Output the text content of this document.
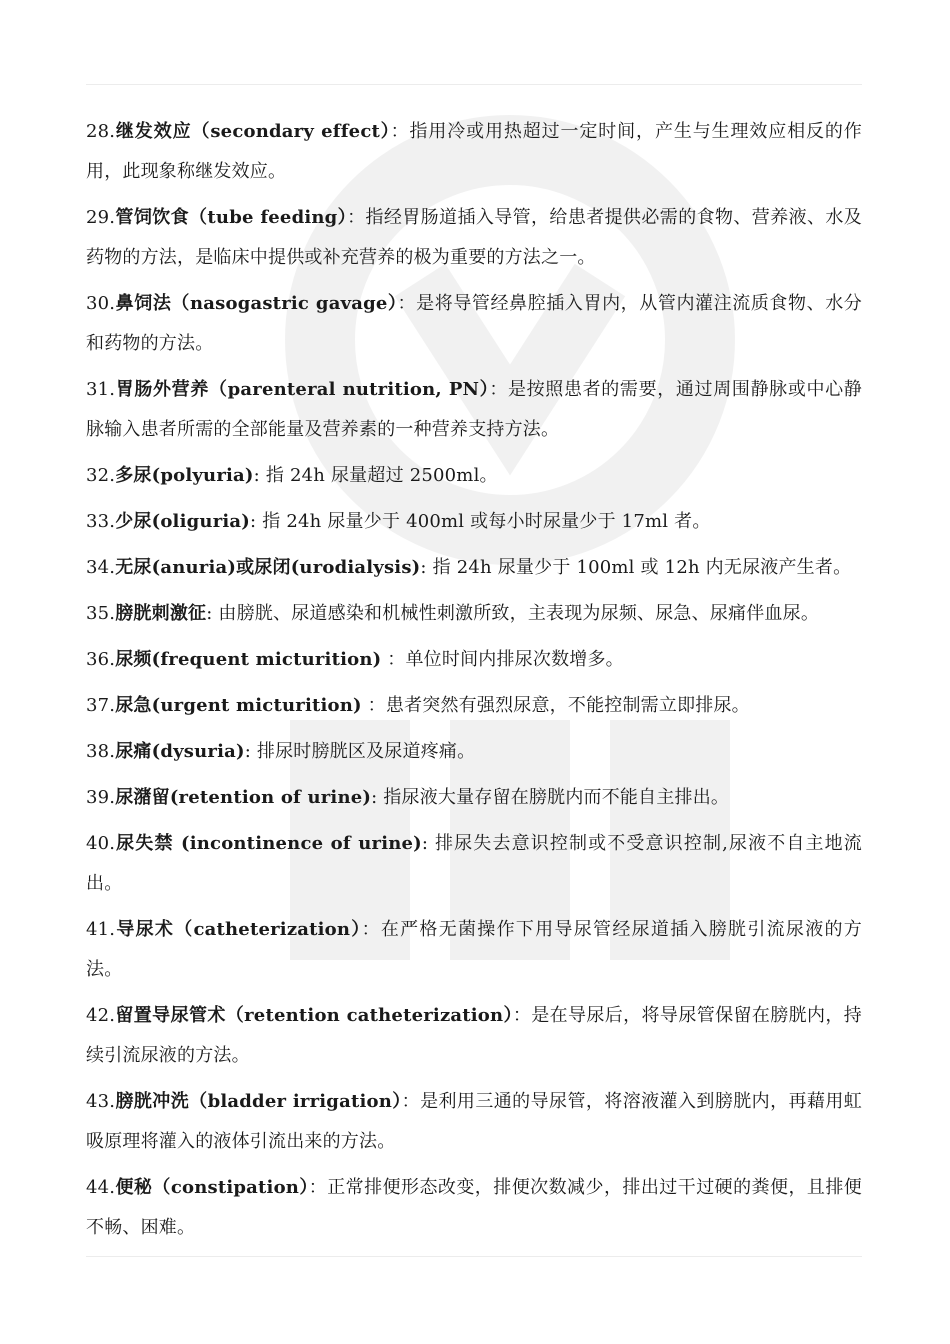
28.继发效应（secondary effect）：指用冷或用热超过一定时间，产生与生理效应相反的作用，此现象称继发效应。

29.管饲饮食（tube feeding）：指经胃肠道插入导管，给患者提供必需的食物、营养液、水及药物的方法，是临床中提供或补充营养的极为重要的方法之一。

30.鼻饲法（nasogastric gavage）：是将导管经鼻腔插入胃内，从管内灌注流质食物、水分和药物的方法。

31.胃肠外营养（parenteral nutrition, PN）：是按照患者的需要，通过周围静脉或中心静脉输入患者所需的全部能量及营养素的一种营养支持方法。

32.多尿(polyuria): 指 24h 尿量超过 2500ml。

33.少尿(oliguria): 指 24h 尿量少于 400ml 或每小时尿量少于 17ml 者。

34.无尿(anuria)或尿闭(urodialysis): 指 24h 尿量少于 100ml 或 12h 内无尿液产生者。

35.膀胱刺激征: 由膀胱、尿道感染和机械性刺激所致，主表现为尿频、尿急、尿痛伴血尿。

36.尿频(frequent micturition) ：单位时间内排尿次数增多。

37.尿急(urgent micturition) ：患者突然有强烈尿意，不能控制需立即排尿。

38.尿痛(dysuria): 排尿时膀胱区及尿道疼痛。

39.尿潴留(retention of urine): 指尿液大量存留在膀胱内而不能自主排出。

40.尿失禁 (incontinence of urine): 排尿失去意识控制或不受意识控制,尿液不自主地流出。

41.导尿术（catheterization）：在严格无菌操作下用导尿管经尿道插入膀胱引流尿液的方法。

42.留置导尿管术（retention catheterization）：是在导尿后，将导尿管保留在膀胱内，持续引流尿液的方法。

43.膀胱冲洗（bladder irrigation）：是利用三通的导尿管，将溶液灌入到膀胱内，再藉用虹吸原理将灌入的液体引流出来的方法。

44.便秘（constipation）：正常排便形态改变，排便次数减少，排出过干过硬的粪便，且排便不畅、困难。
